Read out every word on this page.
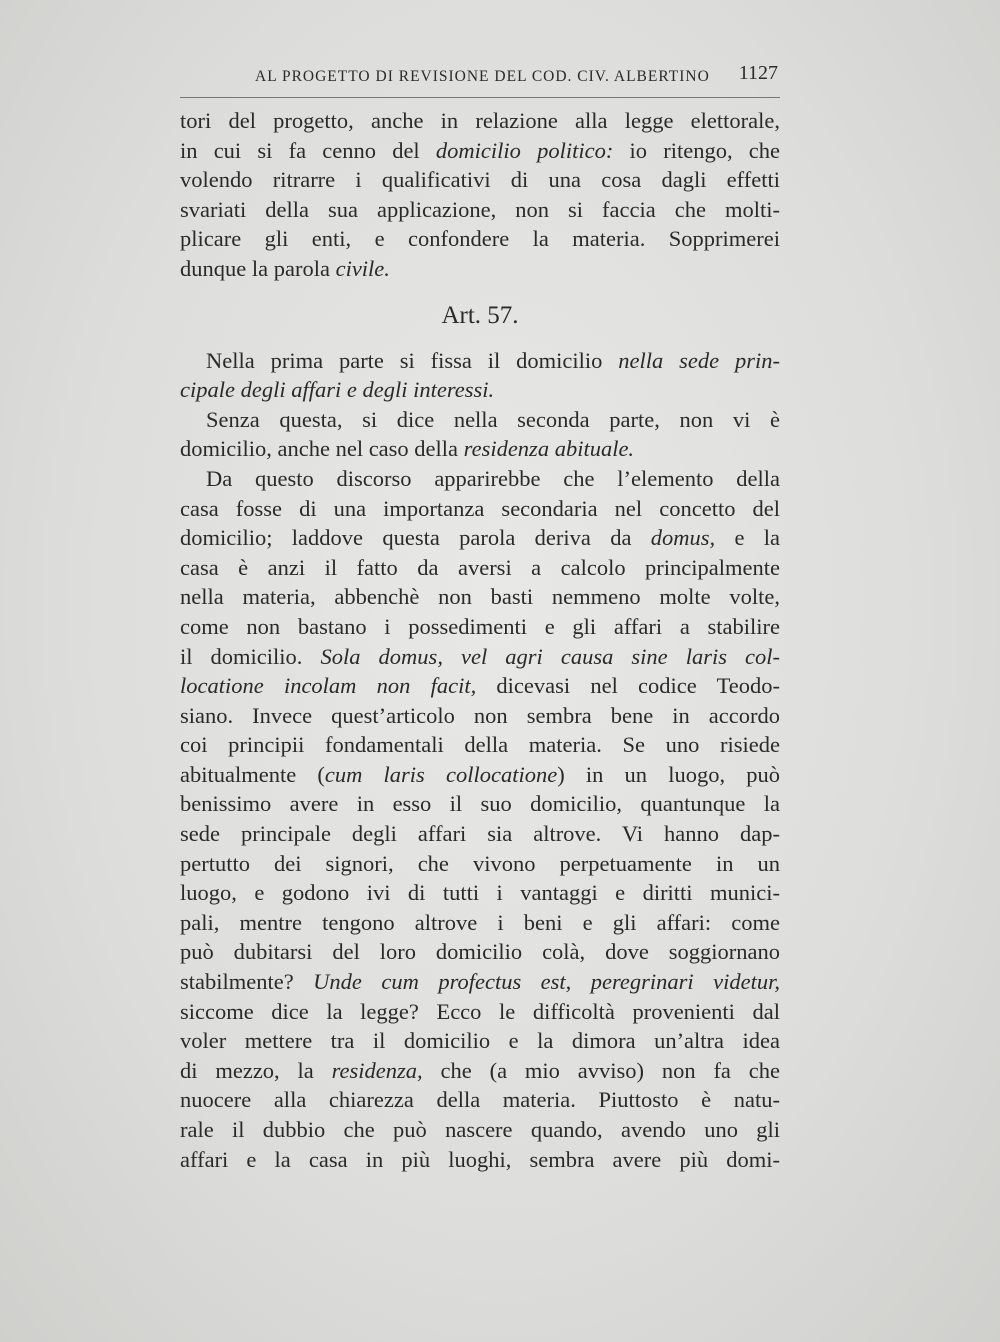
AL PROGETTO DI REVISIONE DEL COD. CIV. ALBERTINO 1127
tori del progetto, anche in relazione alla legge elettorale,
in cui si fa cenno del domicilio politico: io ritengo, che
volendo ritrarre i qualificativi di una cosa dagli effetti
svariati della sua applicazione, non si faccia che molti-
plicare gli enti, e confondere la materia. Sopprimerei
dunque la parola civile.
Art. 57.
Nella prima parte si fissa il domicilio nella sede prin-
cipale degli affari e degli interessi.
Senza questa, si dice nella seconda parte, non vi è
domicilio, anche nel caso della residenza abituale.
Da questo discorso apparirebbe che l’elemento della
casa fosse di una importanza secondaria nel concetto del
domicilio; laddove questa parola deriva da domus, e la
casa è anzi il fatto da aversi a calcolo principalmente
nella materia, abbenchè non basti nemmeno molte volte,
come non bastano i possedimenti e gli affari a stabilire
il domicilio. Sola domus, vel agri causa sine laris col-
locatione incolam non facit, dicevasi nel codice Teodo-
siano. Invece quest’articolo non sembra bene in accordo
coi principii fondamentali della materia. Se uno risiede
abitualmente (cum laris collocatione) in un luogo, può
benissimo avere in esso il suo domicilio, quantunque la
sede principale degli affari sia altrove. Vi hanno dap-
pertutto dei signori, che vivono perpetuamente in un
luogo, e godono ivi di tutti i vantaggi e diritti munici-
pali, mentre tengono altrove i beni e gli affari: come
può dubitarsi del loro domicilio colà, dove soggiornano
stabilmente? Unde cum profectus est, peregrinari videtur,
siccome dice la legge? Ecco le difficoltà provenienti dal
voler mettere tra il domicilio e la dimora un’altra idea
di mezzo, la residenza, che (a mio avviso) non fa che
nuocere alla chiarezza della materia. Piuttosto è natu-
rale il dubbio che può nascere quando, avendo uno gli
affari e la casa in più luoghi, sembra avere più domi-
